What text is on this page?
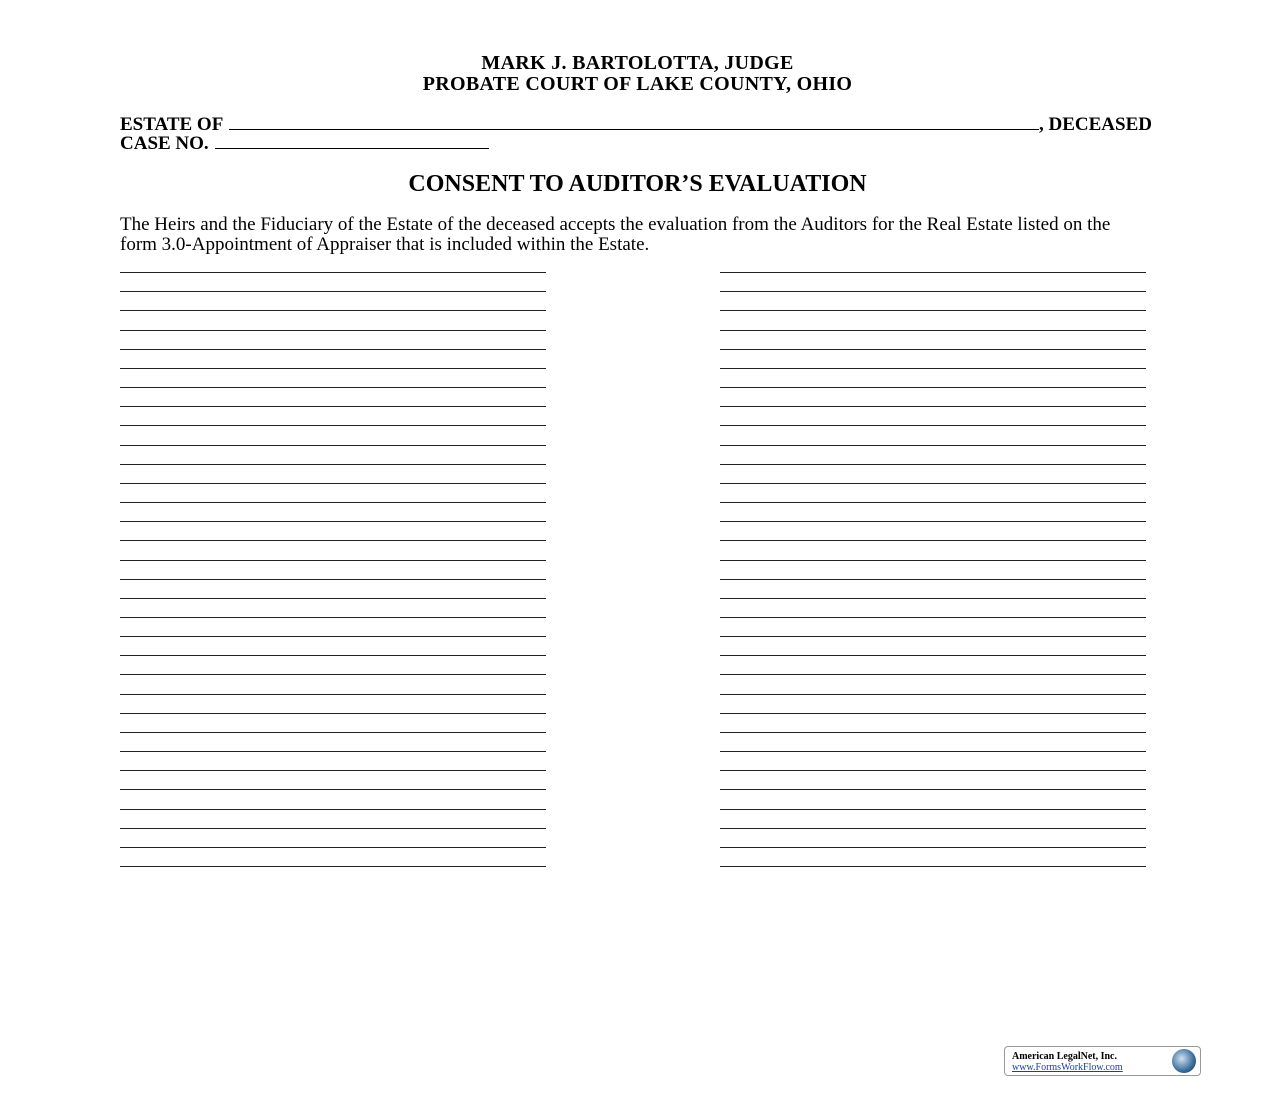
MARK J. BARTOLOTTA, JUDGE
PROBATE COURT OF LAKE COUNTY, OHIO
ESTATE OF	, DECEASED
CASE NO.
CONSENT TO AUDITOR’S EVALUATION
The Heirs and the Fiduciary of the Estate of the deceased accepts the evaluation from the Auditors for the Real Estate listed on the form 3.0-Appointment of Appraiser that is included within the Estate.
American LegalNet, Inc.
www.FormsWorkFlow.com
